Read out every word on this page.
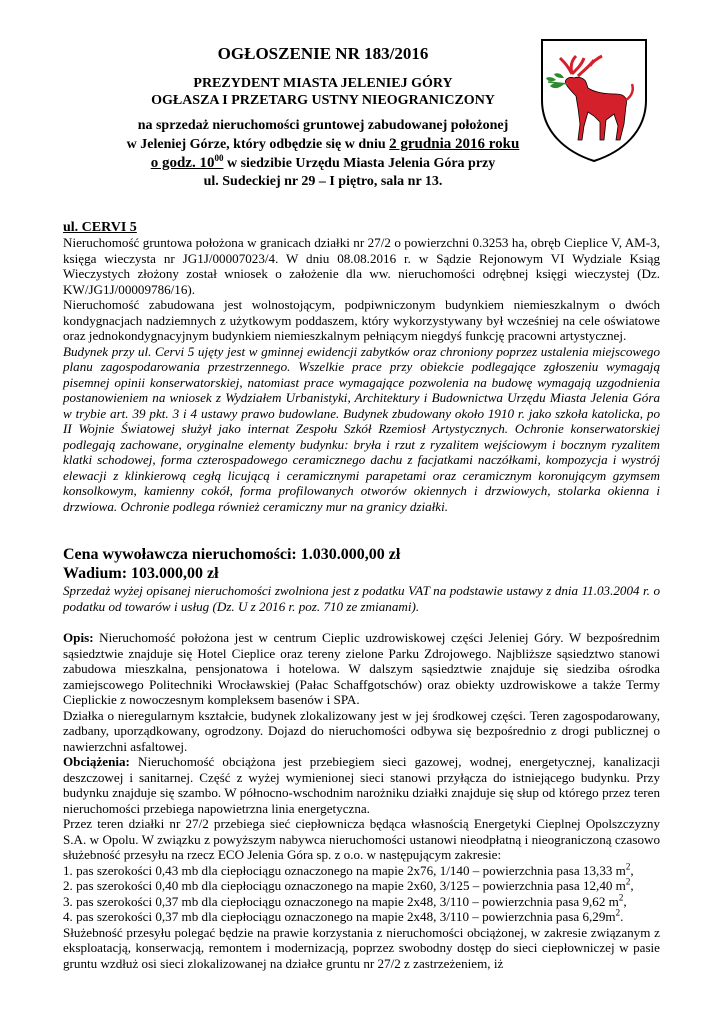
OGŁOSZENIE NR 183/2016
PREZYDENT MIASTA JELENIEJ GÓRY
OGŁASZA I PRZETARG USTNY NIEOGRANICZONY
na sprzedaż nieruchomości gruntowej zabudowanej położonej
w Jeleniej Górze, który odbędzie się w dniu 2 grudnia 2016 roku
o godz. $10^{00}$ w siedzibie Urzędu Miasta Jelenia Góra przy
ul. Sudeckiej nr 29 – I piętro, sala nr 13.
ul. CERVI 5

Nieruchomość gruntowa położona w granicach działki nr 27/2 o powierzchni 0.3253 ha, obręb Cieplice V, AM-3, księga wieczysta nr JG1J/00007023/4. W dniu 08.08.2016 r. w Sądzie Rejonowym VI Wydziale Ksiąg Wieczystych złożony został wniosek o założenie dla ww. nieruchomości odrębnej księgi wieczystej (Dz. KW/JG1J/00009786/16).

Nieruchomość zabudowana jest wolnostojącym, podpiwniczonym budynkiem niemieszkalnym o dwóch kondygnacjach nadziemnych z użytkowym poddaszem, który wykorzystywany był wcześniej na cele oświatowe oraz jednokondygnacyjnym budynkiem niemieszkalnym pełniącym niegdyś funkcję pracowni artystycznej.

Budynek przy ul. Cervi 5 ujęty jest w gminnej ewidencji zabytków oraz chroniony poprzez ustalenia miejscowego planu zagospodarowania przestrzennego. Wszelkie prace przy obiekcie podlegające zgłoszeniu wymagają pisemnej opinii konserwatorskiej, natomiast prace wymagające pozwolenia na budowę wymagają uzgodnienia postanowieniem na wniosek z Wydziałem Urbanistyki, Architektury i Budownictwa Urzędu Miasta Jelenia Góra w trybie art. 39 pkt. 3 i 4 ustawy prawo budowlane. Budynek zbudowany około 1910 r. jako szkoła katolicka, po II Wojnie Światowej służył jako internat Zespołu Szkół Rzemiosł Artystycznych. Ochronie konserwatorskiej podlegają zachowane, oryginalne elementy budynku: bryła i rzut z ryzalitem wejściowym i bocznym ryzalitem klatki schodowej, forma czterospadowego ceramicznego dachu z facjatkami naczółkami, kompozycja i wystrój elewacji z klinkierową cegłą licującą i ceramicznymi parapetami oraz ceramicznym koronującym gzymsem konsolkowym, kamienny cokół, forma profilowanych otworów okiennych i drzwiowych, stolarka okienna i drzwiowa. Ochronie podlega również ceramiczny mur na granicy działki.

Cena wywoławcza nieruchomości: 1.030.000,00 zł
Wadium: 103.000,00 zł

Sprzedaż wyżej opisanej nieruchomości zwolniona jest z podatku VAT na podstawie ustawy z dnia 11.03.2004 r. o podatku od towarów i usług (Dz. U z 2016 r. poz. 710 ze zmianami).

Opis: Nieruchomość położona jest w centrum Cieplic uzdrowiskowej części Jeleniej Góry. W bezpośrednim sąsiedztwie znajduje się Hotel Cieplice oraz tereny zielone Parku Zdrojowego. Najbliższe sąsiedztwo stanowi zabudowa mieszkalna, pensjonatowa i hotelowa. W dalszym sąsiedztwie znajduje się siedziba ośrodka zamiejscowego Politechniki Wrocławskiej (Pałac Schaffgotschów) oraz obiekty uzdrowiskowe a także Termy Cieplickie z nowoczesnym kompleksem basenów i SPA.

Działka o nieregularnym kształcie, budynek zlokalizowany jest w jej środkowej części. Teren zagospodarowany, zadbany, uporządkowany, ogrodzony. Dojazd do nieruchomości odbywa się bezpośrednio z drogi publicznej o nawierzchni asfaltowej.

Obciążenia: Nieruchomość obciążona jest przebiegiem sieci gazowej, wodnej, energetycznej, kanalizacji deszczowej i sanitarnej. Część z wyżej wymienionej sieci stanowi przyłącza do istniejącego budynku. Przy budynku znajduje się szambo. W północno-wschodnim narożniku działki znajduje się słup od którego przez teren nieruchomości przebiega napowietrzna linia energetyczna.

Przez teren działki nr 27/2 przebiega sieć ciepłownicza będąca własnością Energetyki Cieplnej Opolszczyzny S.A. w Opolu. W związku z powyższym nabywca nieruchomości ustanowi nieodpłatną i nieograniczoną czasowo służebność przesyłu na rzecz ECO Jelenia Góra sp. z o.o. w następującym zakresie:

1. pas szerokości 0,43 mb dla ciepłociągu oznaczonego na mapie 2x76, 1/140 – powierzchnia pasa 13,33 $m^2$,
2. pas szerokości 0,40 mb dla ciepłociągu oznaczonego na mapie 2x60, 3/125 – powierzchnia pasa 12,40 $m^2$,
3. pas szerokości 0,37 mb dla ciepłociągu oznaczonego na mapie 2x48, 3/110 – powierzchnia pasa 9,62 $m^2$,
4. pas szerokości 0,37 mb dla ciepłociągu oznaczonego na mapie 2x48, 3/110 – powierzchnia pasa $6,29m^2$.

Służebność przesyłu polegać będzie na prawie korzystania z nieruchomości obciążonej, w zakresie związanym z eksploatacją, konserwacją, remontem i modernizacją, poprzez swobodny dostęp do sieci ciepłowniczej w pasie gruntu wzdłuż osi sieci zlokalizowanej na działce gruntu nr 27/2 z zastrzeżeniem, iż
